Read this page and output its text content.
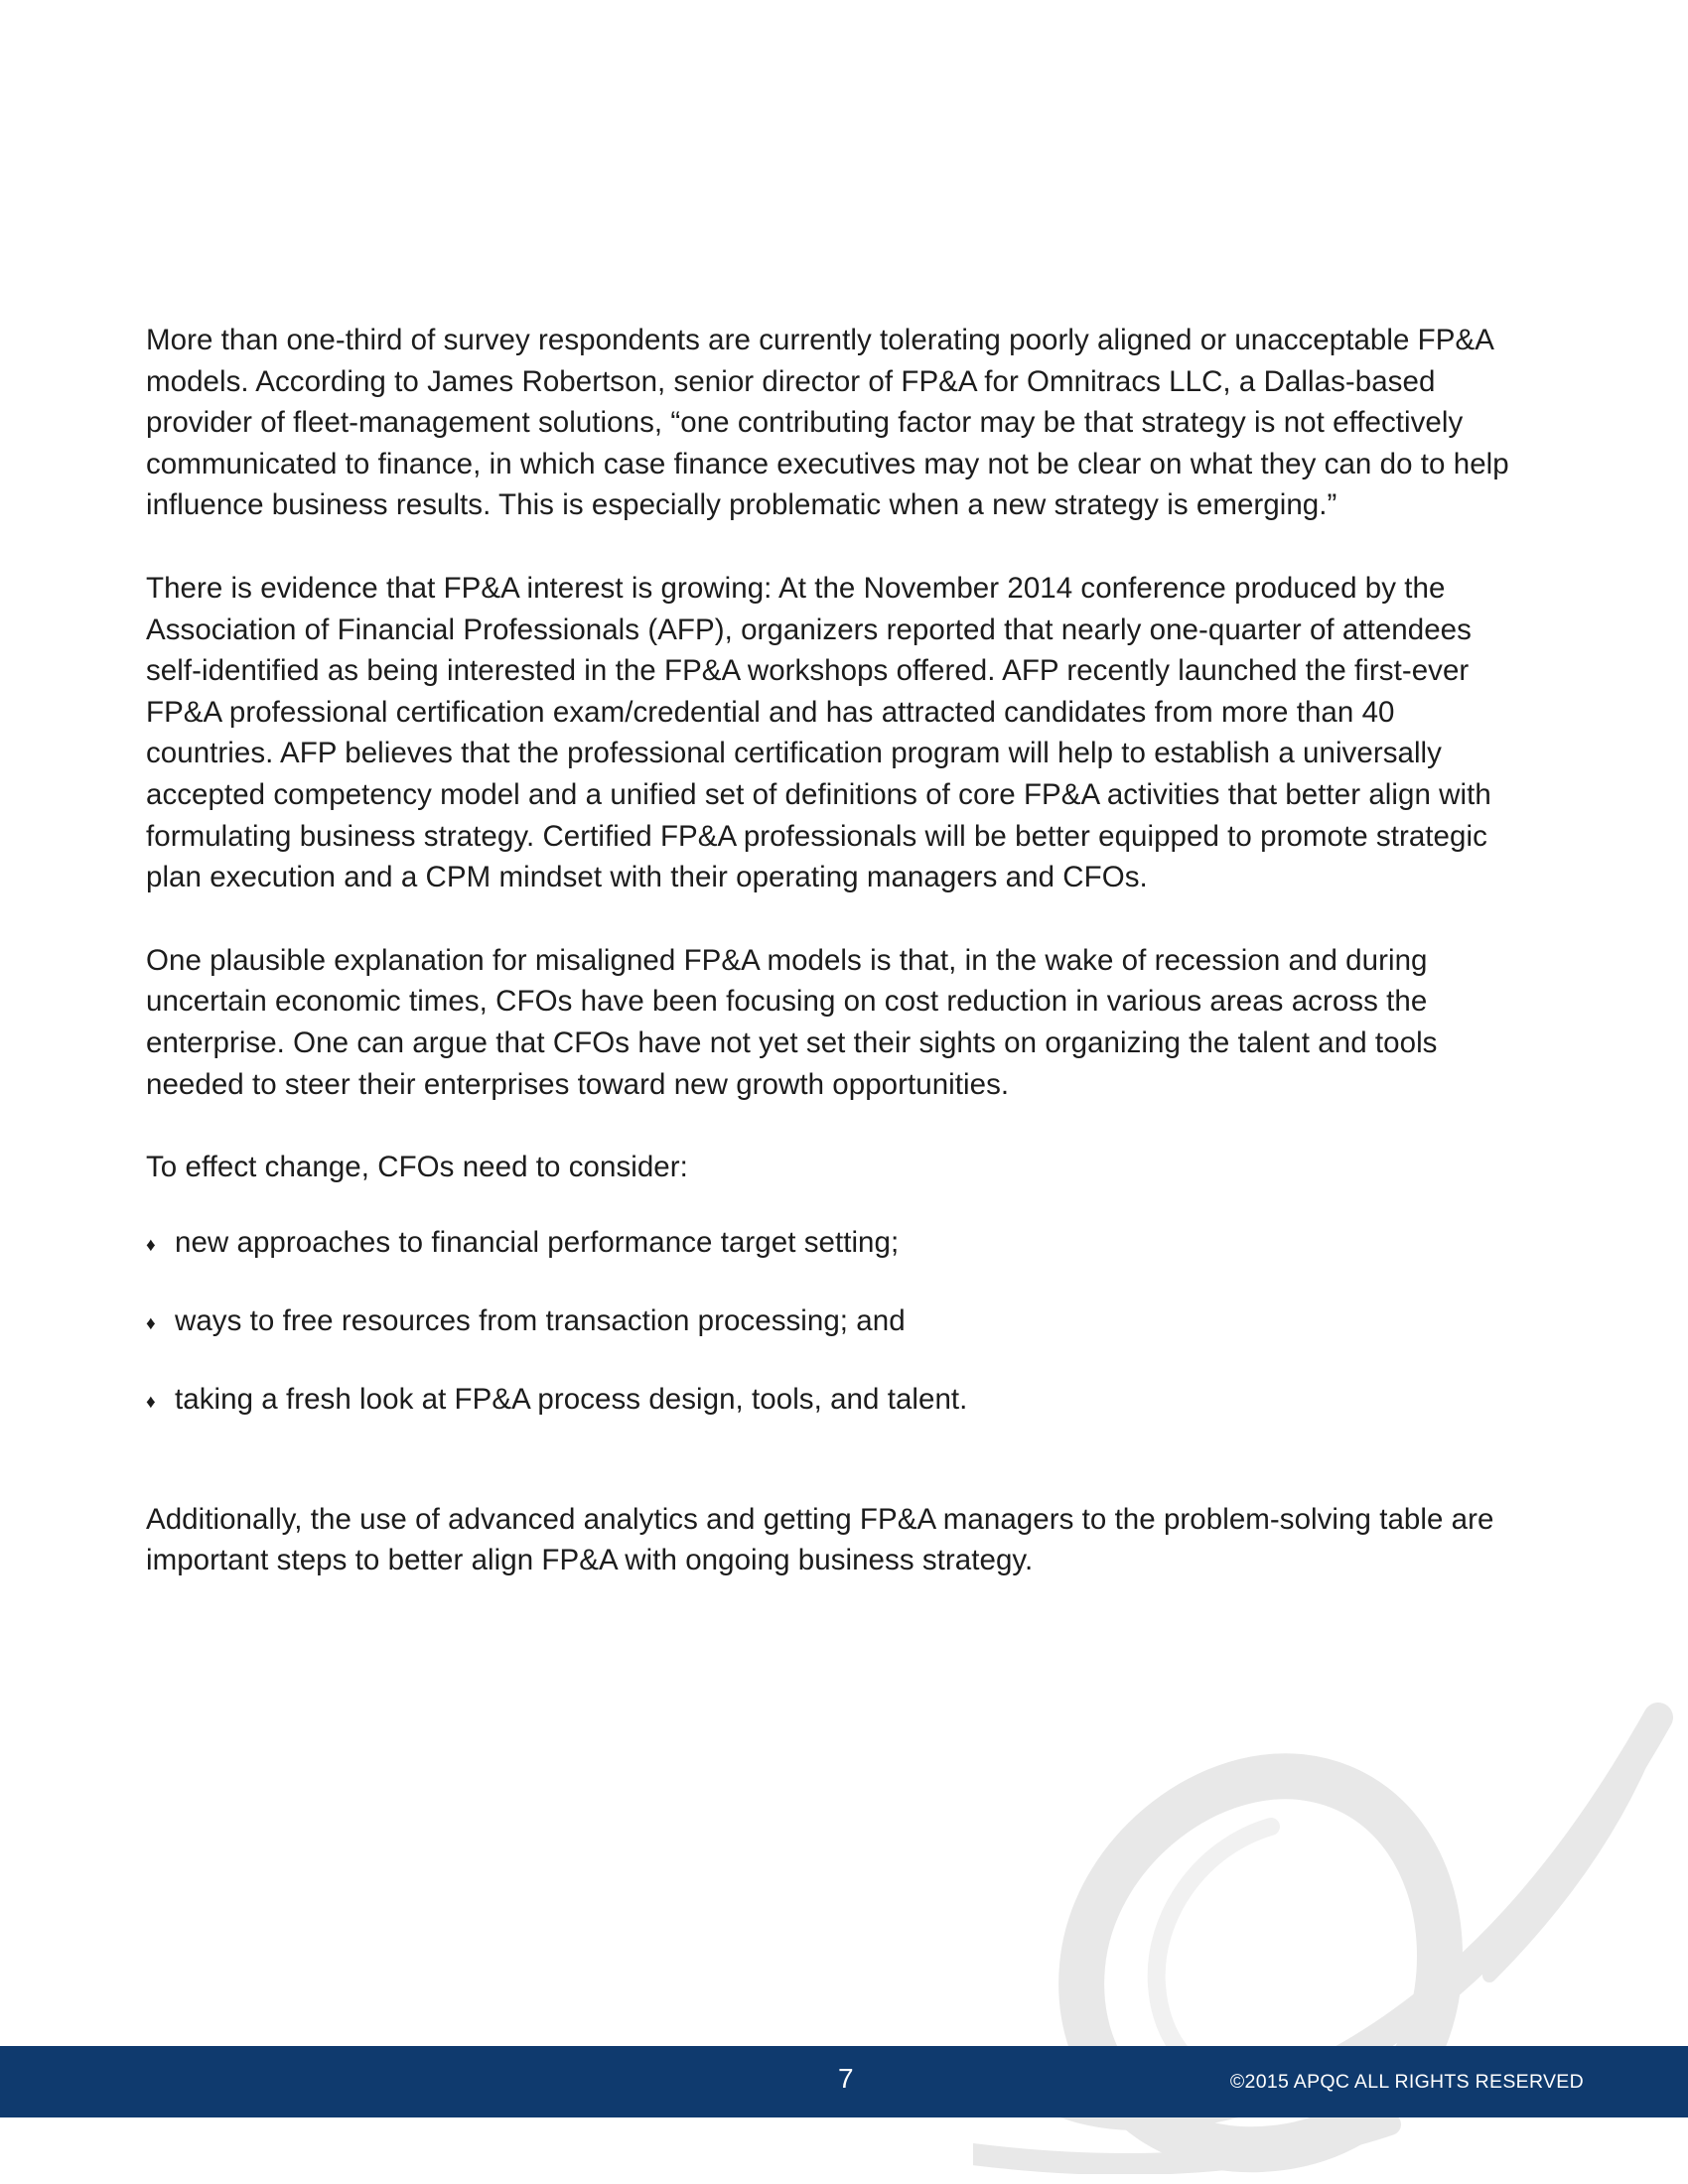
More than one-third of survey respondents are currently tolerating poorly aligned or unacceptable FP&A
models. According to James Robertson, senior director of FP&A for Omnitracs LLC, a Dallas-based
provider of fleet-management solutions, “one contributing factor may be that strategy is not effectively
communicated to finance, in which case finance executives may not be clear on what they can do to help
influence business results. This is especially problematic when a new strategy is emerging.”

There is evidence that FP&A interest is growing: At the November 2014 conference produced by the
Association of Financial Professionals (AFP), organizers reported that nearly one-quarter of attendees
self-identified as being interested in the FP&A workshops offered. AFP recently launched the first-ever
FP&A professional certification exam/credential and has attracted candidates from more than 40
countries. AFP believes that the professional certification program will help to establish a universally
accepted competency model and a unified set of definitions of core FP&A activities that better align with
formulating business strategy. Certified FP&A professionals will be better equipped to promote strategic
plan execution and a CPM mindset with their operating managers and CFOs.

One plausible explanation for misaligned FP&A models is that, in the wake of recession and during
uncertain economic times, CFOs have been focusing on cost reduction in various areas across the
enterprise. One can argue that CFOs have not yet set their sights on organizing the talent and tools
needed to steer their enterprises toward new growth opportunities.

To effect change, CFOs need to consider:

♦ new approaches to financial performance target setting;
♦ ways to free resources from transaction processing; and
♦ taking a fresh look at FP&A process design, tools, and talent.

Additionally, the use of advanced analytics and getting FP&A managers to the problem-solving table are
important steps to better align FP&A with ongoing business strategy.

7	©2015 APQC ALL RIGHTS RESERVED
